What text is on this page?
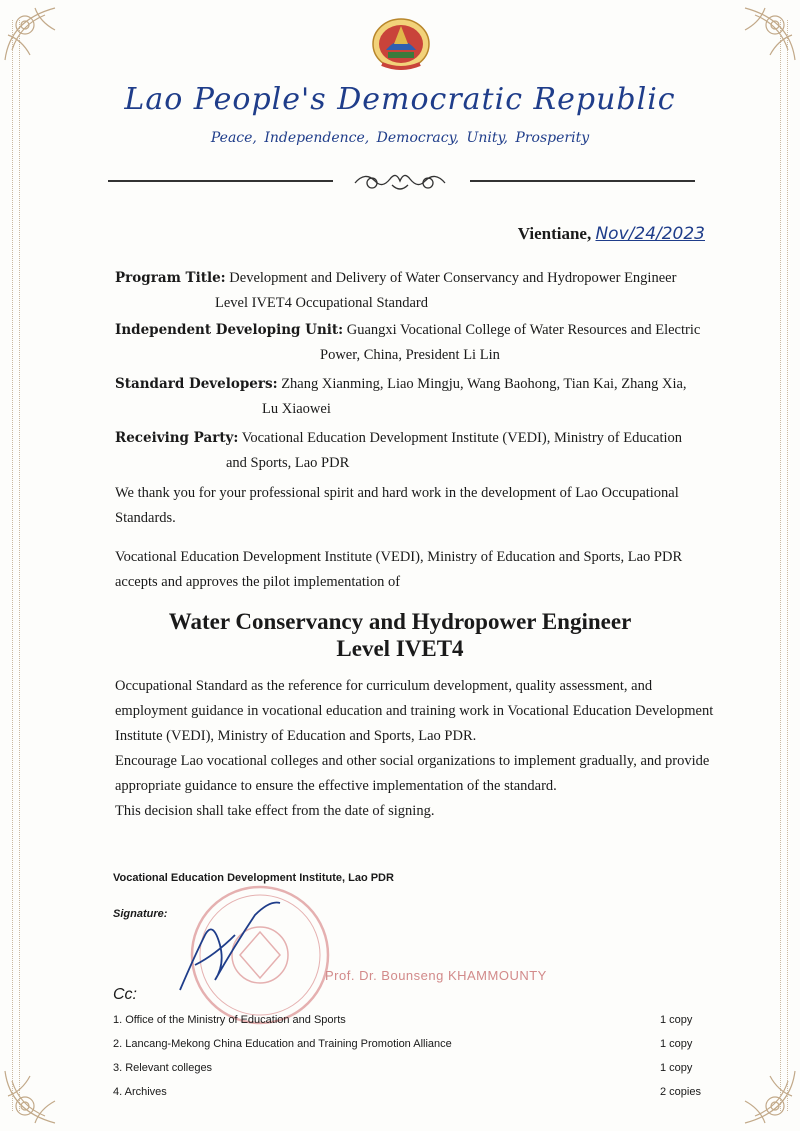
Lao People's Democratic Republic
Peace, Independence, Democracy, Unity, Prosperity
Vientiane, Nov/24/2023
Program Title: Development and Delivery of Water Conservancy and Hydropower Engineer
Level IVET4 Occupational Standard
Independent Developing Unit: Guangxi Vocational College of Water Resources and Electric
Power, China, President Li Lin
Standard Developers: Zhang Xianming, Liao Mingju, Wang Baohong, Tian Kai, Zhang Xia,
Lu Xiaowei
Receiving Party: Vocational Education Development Institute (VEDI), Ministry of Education
and Sports, Lao PDR
We thank you for your professional spirit and hard work in the development of Lao Occupational Standards.
Vocational Education Development Institute (VEDI), Ministry of Education and Sports, Lao PDR accepts and approves the pilot implementation of
Water Conservancy and Hydropower Engineer
Level IVET4
Occupational Standard as the reference for curriculum development, quality assessment, and employment guidance in vocational education and training work in Vocational Education Development Institute (VEDI), Ministry of Education and Sports, Lao PDR.
Encourage Lao vocational colleges and other social organizations to implement gradually, and provide appropriate guidance to ensure the effective implementation of the standard.
This decision shall take effect from the date of signing.
Vocational Education Development Institute, Lao PDR
Signature:
Prof. Dr. Bounseng KHAMMOUNTY
Cc:
1. Office of the Ministry of Education and Sports	1 copy
2. Lancang-Mekong China Education and Training Promotion Alliance	1 copy
3. Relevant colleges	1 copy
4. Archives	2 copies
